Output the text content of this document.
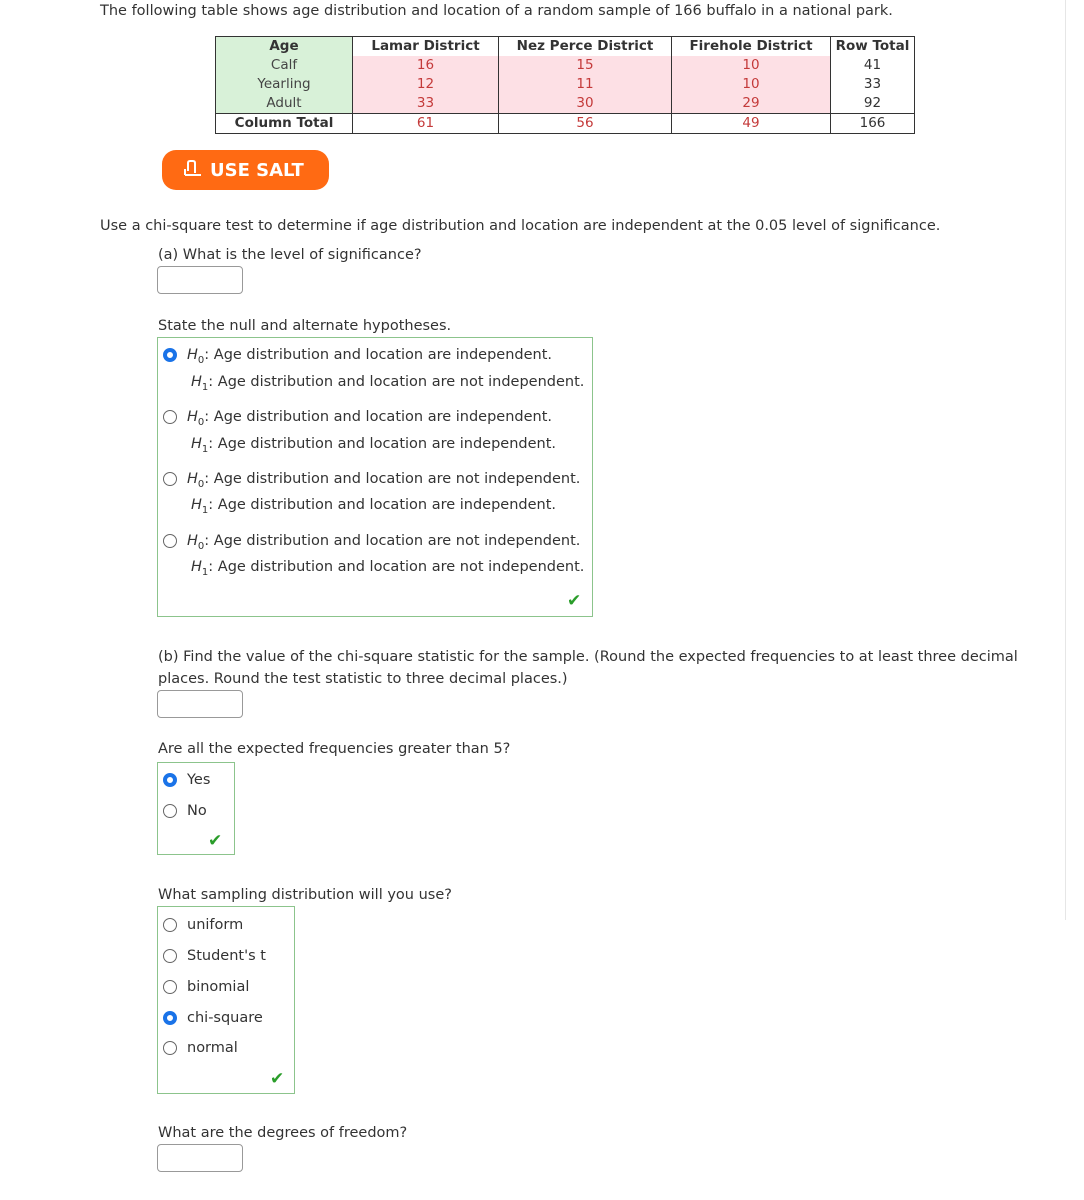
The following table shows age distribution and location of a random sample of 166 buffalo in a national park.
Age	Lamar District	Nez Perce District	Firehole District	Row Total
Calf	16	15	10	41
Yearling	12	11	10	33
Adult	33	30	29	92
Column Total	61	56	49	166
USE SALT
Use a chi-square test to determine if age distribution and location are independent at the 0.05 level of significance.
(a) What is the level of significance?
State the null and alternate hypotheses.
$H_0$: Age distribution and location are independent.
$H_1$: Age distribution and location are not independent.
$H_0$: Age distribution and location are independent.
$H_1$: Age distribution and location are independent.
$H_0$: Age distribution and location are not independent.
$H_1$: Age distribution and location are independent.
$H_0$: Age distribution and location are not independent.
$H_1$: Age distribution and location are not independent.
✔
(b) Find the value of the chi-square statistic for the sample. (Round the expected frequencies to at least three decimal
places. Round the test statistic to three decimal places.)
Are all the expected frequencies greater than 5?
Yes
No
✔
What sampling distribution will you use?
uniform
Student's t
binomial
chi-square
normal
✔
What are the degrees of freedom?
